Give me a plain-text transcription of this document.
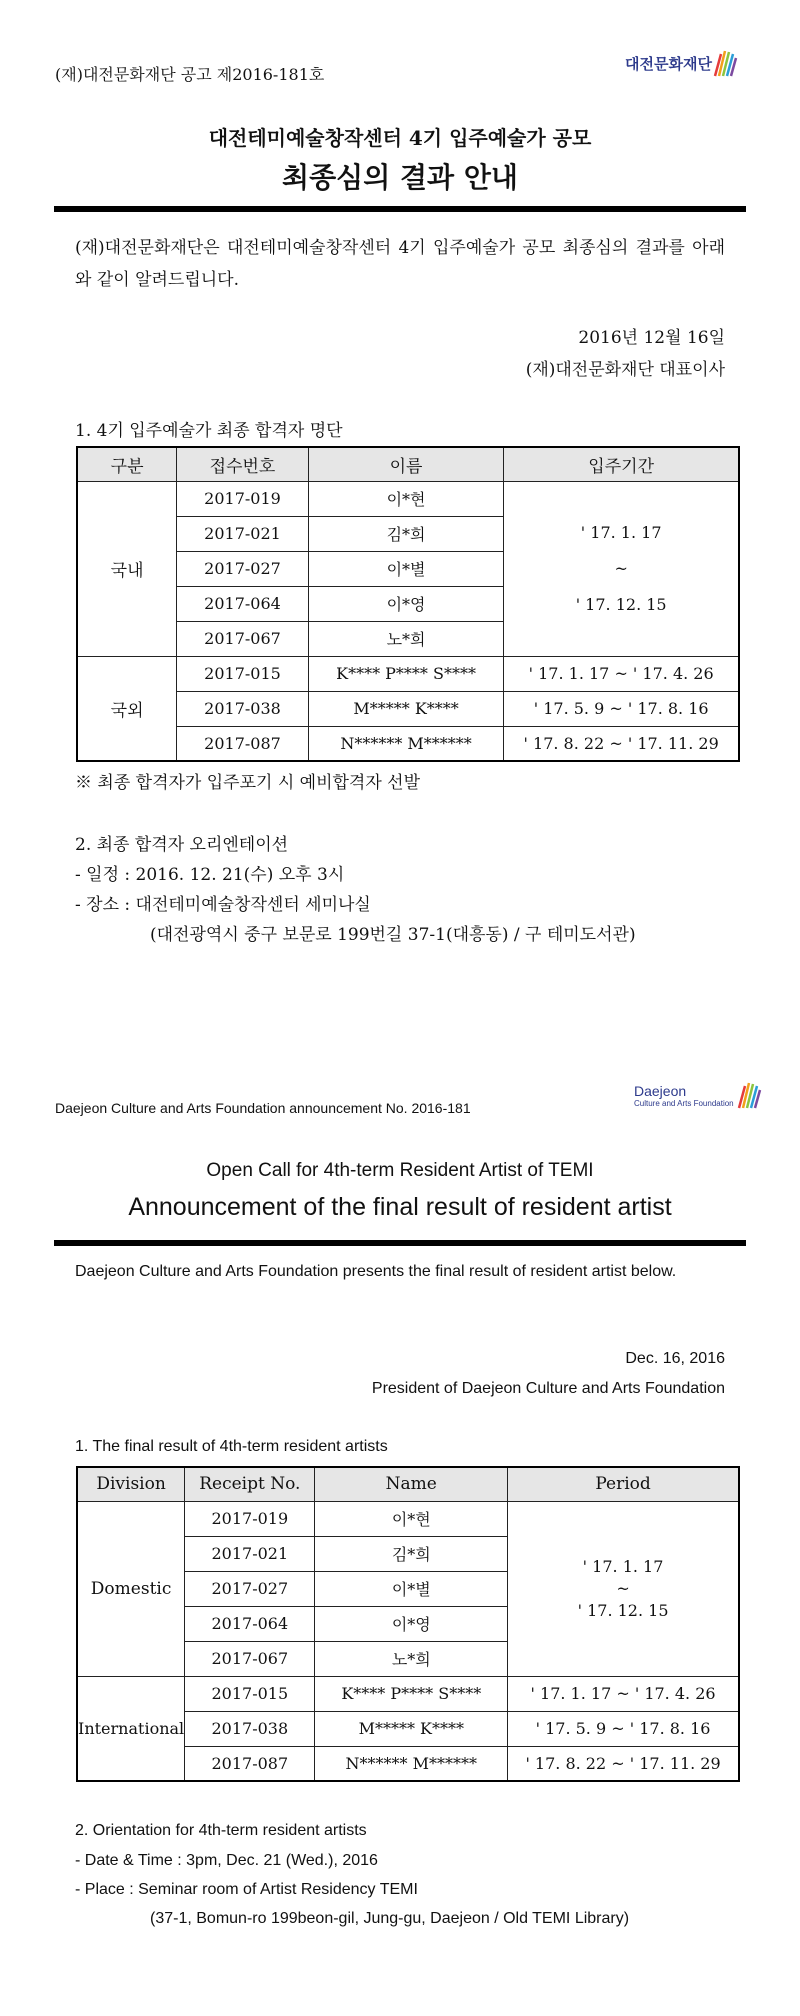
(재)대전문화재단 공고 제2016-181호
대전문화재단
대전테미예술창작센터 4기 입주예술가 공모
최종심의 결과 안내
(재)대전문화재단은 대전테미예술창작센터 4기 입주예술가 공모 최종심의 결과를 아래와 같이 알려드립니다.
2016년 12월 16일
(재)대전문화재단 대표이사
1. 4기 입주예술가 최종 합격자 명단
구분	접수번호	이름	입주기간
국내	2017-019	이*현	' 17. 1. 17
~
' 17. 12. 15

	2017-021	김*희	
	2017-027	이*별	
	2017-064	이*영	
	2017-067	노*희	
국외	2017-015	K**** P**** S****	' 17. 1. 17 ~ ' 17. 4. 26
	2017-038	M***** K****	' 17. 5. 9 ~ ' 17. 8. 16
	2017-087	N****** M******	' 17. 8. 22 ~ ' 17. 11. 29
※ 최종 합격자가 입주포기 시 예비합격자 선발
2. 최종 합격자 오리엔테이션
- 일정 : 2016. 12. 21(수) 오후 3시
- 장소 : 대전테미예술창작센터 세미나실
(대전광역시 중구 보문로 199번길 37-1(대흥동) / 구 테미도서관)
Daejeon Culture and Arts Foundation announcement No. 2016-181
Daejeon
Culture and Arts Foundation
Open Call for 4th-term Resident Artist of TEMI
Announcement of the final result of resident artist
Daejeon Culture and Arts Foundation presents the final result of resident artist below.
Dec. 16, 2016
President of Daejeon Culture and Arts Foundation
1. The final result of 4th-term resident artists
Division	Receipt No.	Name	Period
Domestic	2017-019	이*현	' 17. 1. 17
~
' 17. 12. 15

	2017-021	김*희	
	2017-027	이*별	
	2017-064	이*영	
	2017-067	노*희	
International	2017-015	K**** P**** S****	' 17. 1. 17 ~ ' 17. 4. 26
	2017-038	M***** K****	' 17. 5. 9 ~ ' 17. 8. 16
	2017-087	N****** M******	' 17. 8. 22 ~ ' 17. 11. 29
2. Orientation for 4th-term resident artists
- Date & Time : 3pm, Dec. 21 (Wed.), 2016
- Place : Seminar room of Artist Residency TEMI
(37-1, Bomun-ro 199beon-gil, Jung-gu, Daejeon / Old TEMI Library)
